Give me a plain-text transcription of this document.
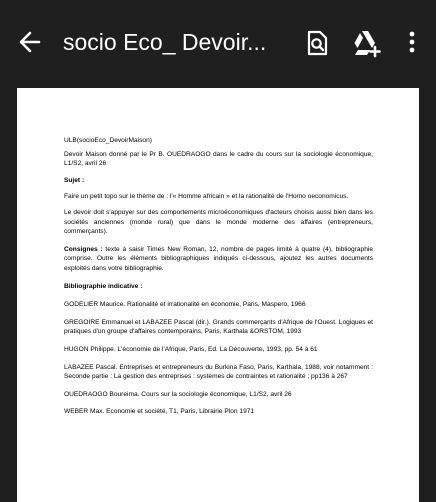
socio Eco_ Devoir...

ULB(socioEco_DevoirMaison)

Devoir Maison donné par le Pr B. OUEDRAOGO dans le cadre du cours sur la sociologie économique, L1/S2, avril 26

Sujet :

Faire un petit topo sur le thème de : l'« Homme africain » et la rationalité de l'Homo oeconomicus.

Le devoir doit s'appuyer sur des comportements microéconomiques d'acteurs choisis aussi bien dans les sociétés anciennes (monde rural) que dans le monde moderne des affaires (entrepreneurs, commerçants).

Consignes : texte à saisir Times New Roman, 12, nombre de pages limité à quatre (4), bibliographie comprise. Outre les éléments bibliographiques indiqués ci-dessous, ajoutez les autres documents exploités dans votre bibliographie.

Bibliographie indicative :

GODELIER Maurice. Rationalité et irrationalité en économie, Paris, Maspero, 1966
GREGOIRE Emmanuel et LABAZEE Pascal (dir.). Grands commerçants d'Afrique de l'Ouest. Logiques et pratiques d'un groupe d'affaires contemporains, Paris, Karthala &ORSTOM, 1993
HUGON Philippe. L'économie de l'Afrique, Paris, Ed. La Découverte, 1993, pp. 54 à 61
LABAZEE Pascal. Entreprises et entrepreneurs du Burkina Faso, Paris, Karthala, 1988, voir notamment : Seconde partie : La gestion des entreprises : systèmes de contraintes et rationalité ; pp136 à 267
OUEDRAOGO Boureima. Cours sur la sociologie économique, L1/S2, avril 26
WEBER Max. Economie et société, T1, Paris, Librairie Plon 1971
